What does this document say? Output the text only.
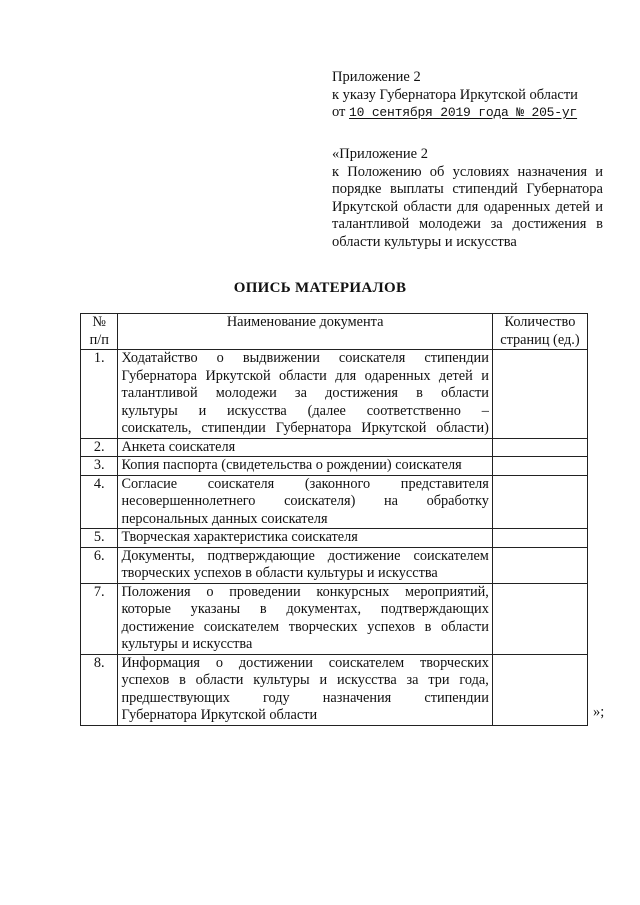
Приложение 2
к указу Губернатора Иркутской области
от 10 сентября 2019 года № 205-уг
«Приложение 2
к Положению об условиях назначения и
порядке выплаты стипендий Губернатора
Иркутской области для одаренных детей и
талантливой молодежи за достижения в
области культуры и искусства
ОПИСЬ МАТЕРИАЛОВ
№
п/п	Наименование документа	Количество
страниц (ед.)

1.	Ходатайство о выдвижении соискателя стипендии
Губернатора Иркутской области для одаренных детей и
талантливой молодежи за достижения в области
культуры и искусства (далее соответственно –
соискатель, стипендии Губернатора Иркутской области)	

2.	Анкета соискателя	

3.	Копия паспорта (свидетельства о рождении) соискателя	

4.	Согласие соискателя (законного представителя
несовершеннолетнего соискателя) на обработку
персональных данных соискателя	

5.	Творческая характеристика соискателя	

6.	Документы, подтверждающие достижение соискателем
творческих успехов в области культуры и искусства	

7.	Положения о проведении конкурсных мероприятий,
которые указаны в документах, подтверждающих
достижение соискателем творческих успехов в области
культуры и искусства	

8.	Информация о достижении соискателем творческих
успехов в области культуры и искусства за три года,
предшествующих году назначения стипендии
Губернатора Иркутской области	
		»;
